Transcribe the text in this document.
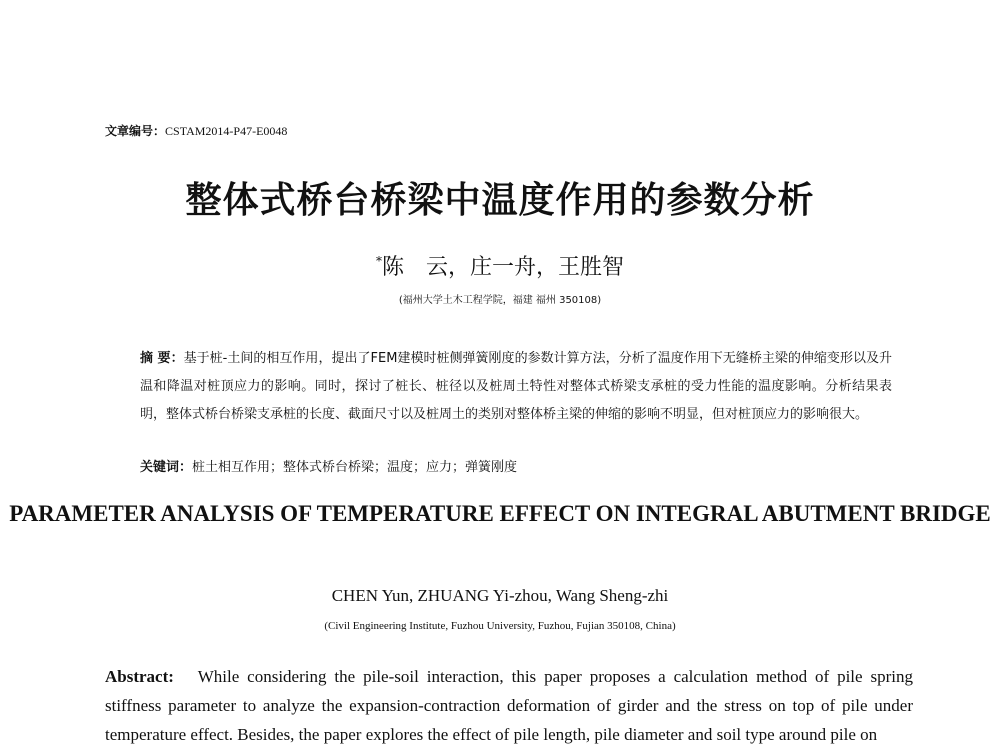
文章编号：CSTAM2014-P47-E0048
整体式桥台桥梁中温度作用的参数分析
*陈　云，庄一舟，王胜智
(福州大学土木工程学院，福建 福州 350108)
摘 要：基于桩-土间的相互作用，提出了FEM建模时桩侧弹簧刚度的参数计算方法，分析了温度作用下无缝桥主梁的伸缩变形以及升温和降温对桩顶应力的影响。同时，探讨了桩长、桩径以及桩周土特性对整体式桥梁支承桩的受力性能的温度影响。分析结果表明，整体式桥台桥梁支承桩的长度、截面尺寸以及桩周土的类别对整体桥主梁的伸缩的影响不明显，但对桩顶应力的影响很大。
关键词：桩土相互作用；整体式桥台桥梁；温度；应力；弹簧刚度
PARAMETER ANALYSIS OF TEMPERATURE EFFECT ON INTEGRAL ABUTMENT BRIDGE
CHEN Yun, ZHUANG Yi-zhou, Wang Sheng-zhi
(Civil Engineering Institute, Fuzhou University, Fuzhou, Fujian 350108, China)
Abstract: While considering the pile-soil interaction, this paper proposes a calculation method of pile spring stiffness parameter to analyze the expansion-contraction deformation of girder and the stress on top of pile under temperature effect. Besides, the paper explores the effect of pile length, pile diameter and soil type around pile on
